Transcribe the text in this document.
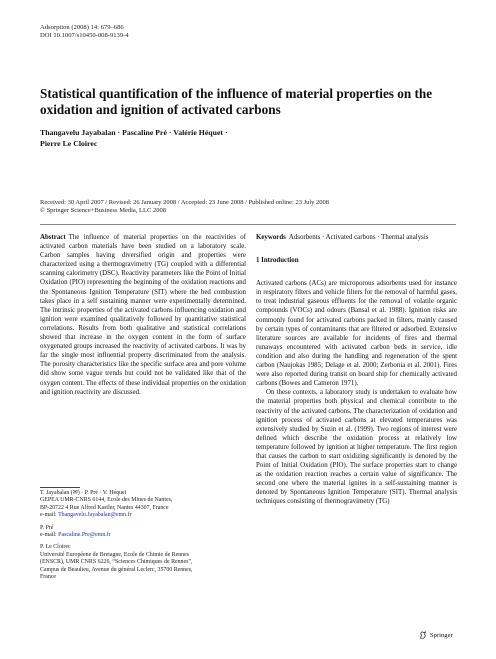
Adsorption (2008) 14: 679–686
DOI 10.1007/s10450-008-9139-4
Statistical quantification of the influence of material properties on the oxidation and ignition of activated carbons
Thangavelu Jayabalan · Pascaline Pré · Valérie Héquet ·
Pierre Le Cloirec
Received: 30 April 2007 / Revised: 26 January 2008 / Accepted: 23 June 2008 / Published online: 23 July 2008
© Springer Science+Business Media, LLC 2008
Abstract The influence of material properties on the reactivities of activated carbon materials have been studied on a laboratory scale. Carbon samples having diversified origin and properties were characterized using a thermogravimetry (TG) coupled with a differential scanning calorimetry (DSC). Reactivity parameters like the Point of Initial Oxidation (PIO) representing the beginning of the oxidation reactions and the Spontaneous Ignition Temperature (SIT) where the bed combustion takes place in a self sustaining manner were experimentally determined. The intrinsic properties of the activated carbons influencing oxidation and ignition were examined qualitatively followed by quantitative statistical correlations. Results from both qualitative and statistical correlations showed that increase in the oxygen content in the form of surface oxygenated groups increased the reactivity of activated carbons. It was by far the single most influential property discriminated from the analysis. The porosity characteristics like the specific surface area and pore volume did show some vague trends but could not be validated like that of the oxygen content. The effects of these individual properties on the oxidation and ignition reactivity are discussed.
Keywords Adsorbents · Activated carbons · Thermal analysis
1 Introduction

Activated carbons (ACs) are microporous adsorbents used for instance in respiratory filters and vehicle filters for the removal of harmful gases, to treat industrial gaseous effluents for the removal of volatile organic compounds (VOCs) and odours (Bansal et al. 1988). Ignition risks are commonly found for activated carbons packed in filters, mainly caused by certain types of contaminants that are filtered or adsorbed. Extensive literature sources are available for incidents of fires and thermal runaways encountered with activated carbon beds in service, idle condition and also during the handling and regeneration of the spent carbon (Naujokas 1985; Delage et al. 2000; Zerbonia et al. 2001). Fires were also reported during transit on board ship for chemically activated carbons (Bowes and Cameron 1971).

On these contexts, a laboratory study is undertaken to evaluate how the material properties both physical and chemical contribute to the reactivity of the activated carbons. The characterization of oxidation and ignition process of activated carbons at elevated temperatures was extensively studied by Suzin et al. (1999). Two regions of interest were defined which describe the oxidation process at relatively low temperature followed by ignition at higher temperature. The first region that causes the carbon to start oxidizing significantly is denoted by the Point of Initial Oxidation (PIO). The surface properties start to change as the oxidation reaction reaches a certain value of significance. The second one where the material ignites in a self-sustaining manner is denoted by Spontaneous Ignition Temperature (SIT). Thermal analysis techniques consisting of thermogravimetry (TG)

T. Jayabalan (✉) · P. Pré · V. Héquet
GEPEA UMR-CNRS 6144, Ecole des Mines de Nantes,
BP-20722 4 Rue Alfred Kastler, Nantes 44307, France
e-mail: Thangavelu.Jayabalan@emn.fr
P. Pré
e-mail: Pascaline.Pre@emn.fr
P. Le Cloirec
Université Européene de Bretagne, Ecole de Chimie de Rennes
(ENSCR), UMR CNRS 6226, “Sciences Chimiques de Rennes”,
Campus de Beaulieu, Avenue du général Leclerc, 35700 Rennes,
France
Springer
